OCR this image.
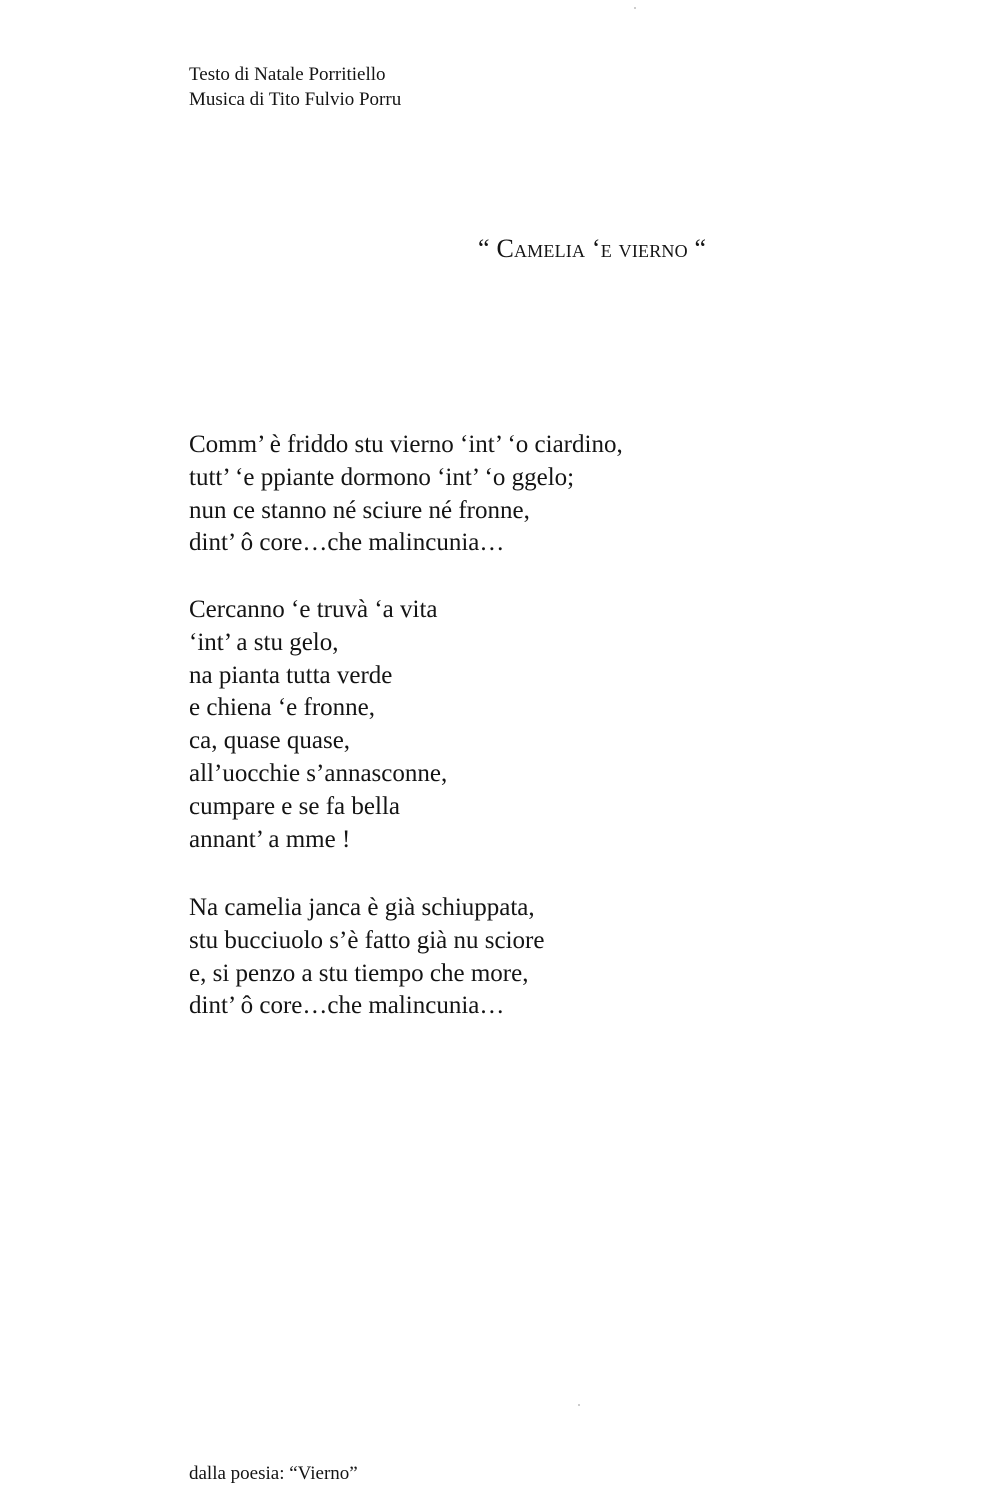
Testo di Natale Porritiello
Musica di Tito Fulvio Porru
“ Camelia ‘e vierno “
Comm’ è friddo stu vierno ‘int’ ‘o ciardino,
tutt’ ‘e ppiante dormono ‘int’ ‘o ggelo;
nun ce stanno né sciure né fronne,
dint’ ô core…che malincunia…
Cercanno ‘e truvà ‘a vita
‘int’ a stu gelo,
na pianta tutta verde
e chiena ‘e fronne,
ca, quase quase,
all’uocchie s’annasconne,
cumpare e se fa bella
annant’ a mme !
Na camelia janca è già schiuppata,
stu bucciuolo s’è fatto già nu sciore
e, si penzo a stu tiempo che more,
dint’ ô core…che malincunia…
dalla poesia: “Vierno”
